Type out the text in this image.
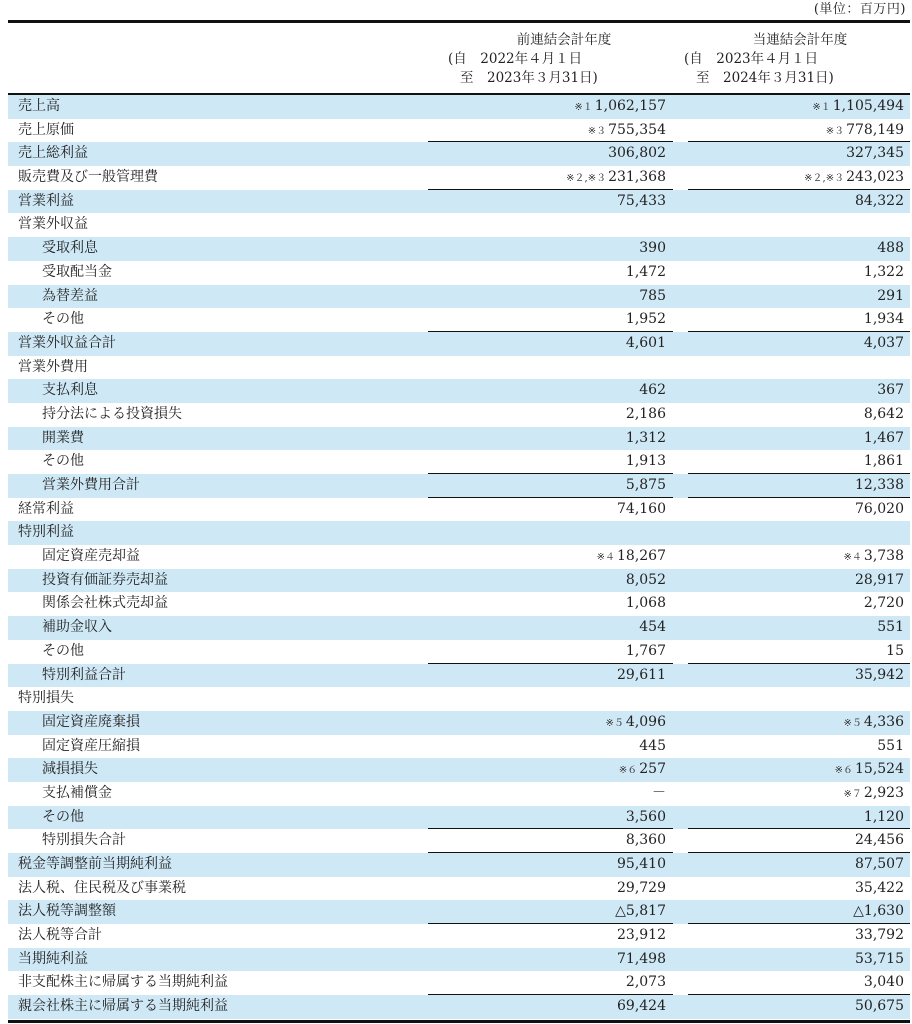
(単位：百万円)
前連結会計年度
(自　2022年４月１日
至　2023年３月31日)
当連結会計年度
(自　2023年４月１日
至　2024年３月31日)
売上高	※１ 1,062,157	※１ 1,105,494
売上原価	※３ 755,354	※３ 778,149
売上総利益	306,802	327,345
販売費及び一般管理費	※２,※３ 231,368	※２,※３ 243,023
営業利益	75,433	84,322
営業外収益
受取利息	390	488
受取配当金	1,472	1,322
為替差益	785	291
その他	1,952	1,934
営業外収益合計	4,601	4,037
営業外費用
支払利息	462	367
持分法による投資損失	2,186	8,642
開業費	1,312	1,467
その他	1,913	1,861
営業外費用合計	5,875	12,338
経常利益	74,160	76,020
特別利益
固定資産売却益	※４ 18,267	※４ 3,738
投資有価証券売却益	8,052	28,917
関係会社株式売却益	1,068	2,720
補助金収入	454	551
その他	1,767	15
特別利益合計	29,611	35,942
特別損失
固定資産廃棄損	※５ 4,096	※５ 4,336
固定資産圧縮損	445	551
減損損失	※６ 257	※６ 15,524
支払補償金	－	※７ 2,923
その他	3,560	1,120
特別損失合計	8,360	24,456
税金等調整前当期純利益	95,410	87,507
法人税、住民税及び事業税	29,729	35,422
法人税等調整額	△5,817	△1,630
法人税等合計	23,912	33,792
当期純利益	71,498	53,715
非支配株主に帰属する当期純利益	2,073	3,040
親会社株主に帰属する当期純利益	69,424	50,675
